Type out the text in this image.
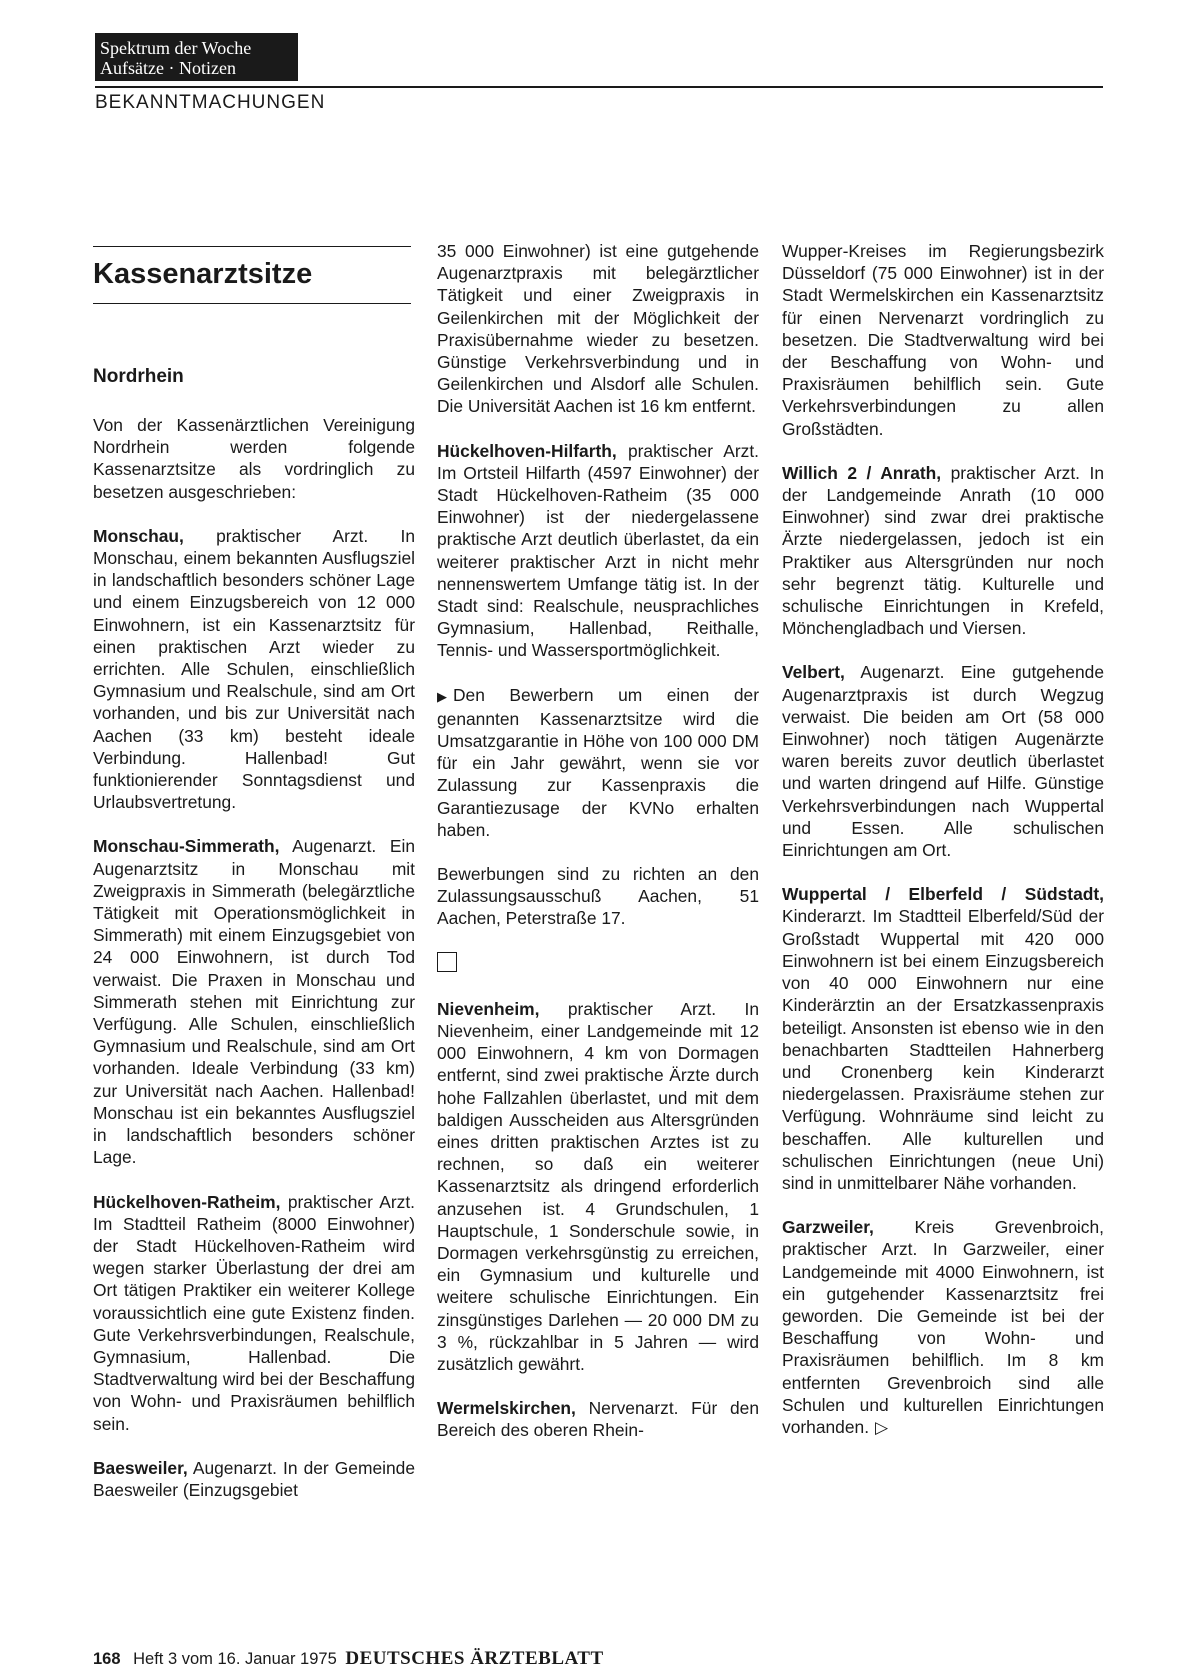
Spektrum der Woche
Aufsätze · Notizen
BEKANNTMACHUNGEN
Kassenarztsitze
Nordrhein

Von der Kassenärztlichen Vereinigung Nordrhein werden folgende Kassenarztsitze als vordringlich zu besetzen ausgeschrieben:

Monschau, praktischer Arzt. In Monschau, einem bekannten Ausflugsziel in landschaftlich besonders schöner Lage und einem Einzugsbereich von 12 000 Einwohnern, ist ein Kassenarztsitz für einen praktischen Arzt wieder zu errichten. Alle Schulen, einschließlich Gymnasium und Realschule, sind am Ort vorhanden, und bis zur Universität nach Aachen (33 km) besteht ideale Verbindung. Hallenbad! Gut funktionierender Sonntagsdienst und Urlaubsvertretung.

Monschau-Simmerath, Augenarzt. Ein Augenarztsitz in Monschau mit Zweigpraxis in Simmerath (belegärztliche Tätigkeit mit Operationsmöglichkeit in Simmerath) mit einem Einzugsgebiet von 24 000 Einwohnern, ist durch Tod verwaist. Die Praxen in Monschau und Simmerath stehen mit Einrichtung zur Verfügung. Alle Schulen, einschließlich Gymnasium und Realschule, sind am Ort vorhanden. Ideale Verbindung (33 km) zur Universität nach Aachen. Hallenbad! Monschau ist ein bekanntes Ausflugsziel in landschaftlich besonders schöner Lage.

Hückelhoven-Ratheim, praktischer Arzt. Im Stadtteil Ratheim (8000 Einwohner) der Stadt Hückelhoven-Ratheim wird wegen starker Überlastung der drei am Ort tätigen Praktiker ein weiterer Kollege voraussichtlich eine gute Existenz finden. Gute Verkehrsverbindungen, Realschule, Gymnasium, Hallenbad. Die Stadtverwaltung wird bei der Beschaffung von Wohn- und Praxisräumen behilflich sein.

Baesweiler, Augenarzt. In der Gemeinde Baesweiler (Einzugsgebiet

35 000 Einwohner) ist eine gutgehende Augenarztpraxis mit belegärztlicher Tätigkeit und einer Zweigpraxis in Geilenkirchen mit der Möglichkeit der Praxisübernahme wieder zu besetzen. Günstige Verkehrsverbindung und in Geilenkirchen und Alsdorf alle Schulen. Die Universität Aachen ist 16 km entfernt.

Hückelhoven-Hilfarth, praktischer Arzt. Im Ortsteil Hilfarth (4597 Einwohner) der Stadt Hückelhoven-Ratheim (35 000 Einwohner) ist der niedergelassene praktische Arzt deutlich überlastet, da ein weiterer praktischer Arzt in nicht mehr nennenswertem Umfange tätig ist. In der Stadt sind: Realschule, neusprachliches Gymnasium, Hallenbad, Reithalle, Tennis- und Wassersportmöglichkeit.

▶ Den Bewerbern um einen der genannten Kassenarztsitze wird die Umsatzgarantie in Höhe von 100 000 DM für ein Jahr gewährt, wenn sie vor Zulassung zur Kassenpraxis die Garantiezusage der KVNo erhalten haben.

Bewerbungen sind zu richten an den Zulassungsausschuß Aachen, 51 Aachen, Peterstraße 17.

Nievenheim, praktischer Arzt. In Nievenheim, einer Landgemeinde mit 12 000 Einwohnern, 4 km von Dormagen entfernt, sind zwei praktische Ärzte durch hohe Fallzahlen überlastet, und mit dem baldigen Ausscheiden aus Altersgründen eines dritten praktischen Arztes ist zu rechnen, so daß ein weiterer Kassenarztsitz als dringend erforderlich anzusehen ist. 4 Grundschulen, 1 Hauptschule, 1 Sonderschule sowie, in Dormagen verkehrsgünstig zu erreichen, ein Gymnasium und kulturelle und weitere schulische Einrichtungen. Ein zinsgünstiges Darlehen — 20 000 DM zu 3 %, rückzahlbar in 5 Jahren — wird zusätzlich gewährt.

Wermelskirchen, Nervenarzt. Für den Bereich des oberen Rhein-

Wupper-Kreises im Regierungsbezirk Düsseldorf (75 000 Einwohner) ist in der Stadt Wermelskirchen ein Kassenarztsitz für einen Nervenarzt vordringlich zu besetzen. Die Stadtverwaltung wird bei der Beschaffung von Wohn- und Praxisräumen behilflich sein. Gute Verkehrsverbindungen zu allen Großstädten.

Willich 2 / Anrath, praktischer Arzt. In der Landgemeinde Anrath (10 000 Einwohner) sind zwar drei praktische Ärzte niedergelassen, jedoch ist ein Praktiker aus Altersgründen nur noch sehr begrenzt tätig. Kulturelle und schulische Einrichtungen in Krefeld, Mönchengladbach und Viersen.

Velbert, Augenarzt. Eine gutgehende Augenarztpraxis ist durch Wegzug verwaist. Die beiden am Ort (58 000 Einwohner) noch tätigen Augenärzte waren bereits zuvor deutlich überlastet und warten dringend auf Hilfe. Günstige Verkehrsverbindungen nach Wuppertal und Essen. Alle schulischen Einrichtungen am Ort.

Wuppertal / Elberfeld / Südstadt, Kinderarzt. Im Stadtteil Elberfeld/Süd der Großstadt Wuppertal mit 420 000 Einwohnern ist bei einem Einzugsbereich von 40 000 Einwohnern nur eine Kinderärztin an der Ersatzkassenpraxis beteiligt. Ansonsten ist ebenso wie in den benachbarten Stadtteilen Hahnerberg und Cronenberg kein Kinderarzt niedergelassen. Praxisräume stehen zur Verfügung. Wohnräume sind leicht zu beschaffen. Alle kulturellen und schulischen Einrichtungen (neue Uni) sind in unmittelbarer Nähe vorhanden.

Garzweiler, Kreis Grevenbroich, praktischer Arzt. In Garzweiler, einer Landgemeinde mit 4000 Einwohnern, ist ein gutgehender Kassenarztsitz frei geworden. Die Gemeinde ist bei der Beschaffung von Wohn- und Praxisräumen behilflich. Im 8 km entfernten Grevenbroich sind alle Schulen und kulturellen Einrichtungen vorhanden. ▷

168 Heft 3 vom 16. Januar 1975 DEUTSCHES ÄRZTEBLATT
